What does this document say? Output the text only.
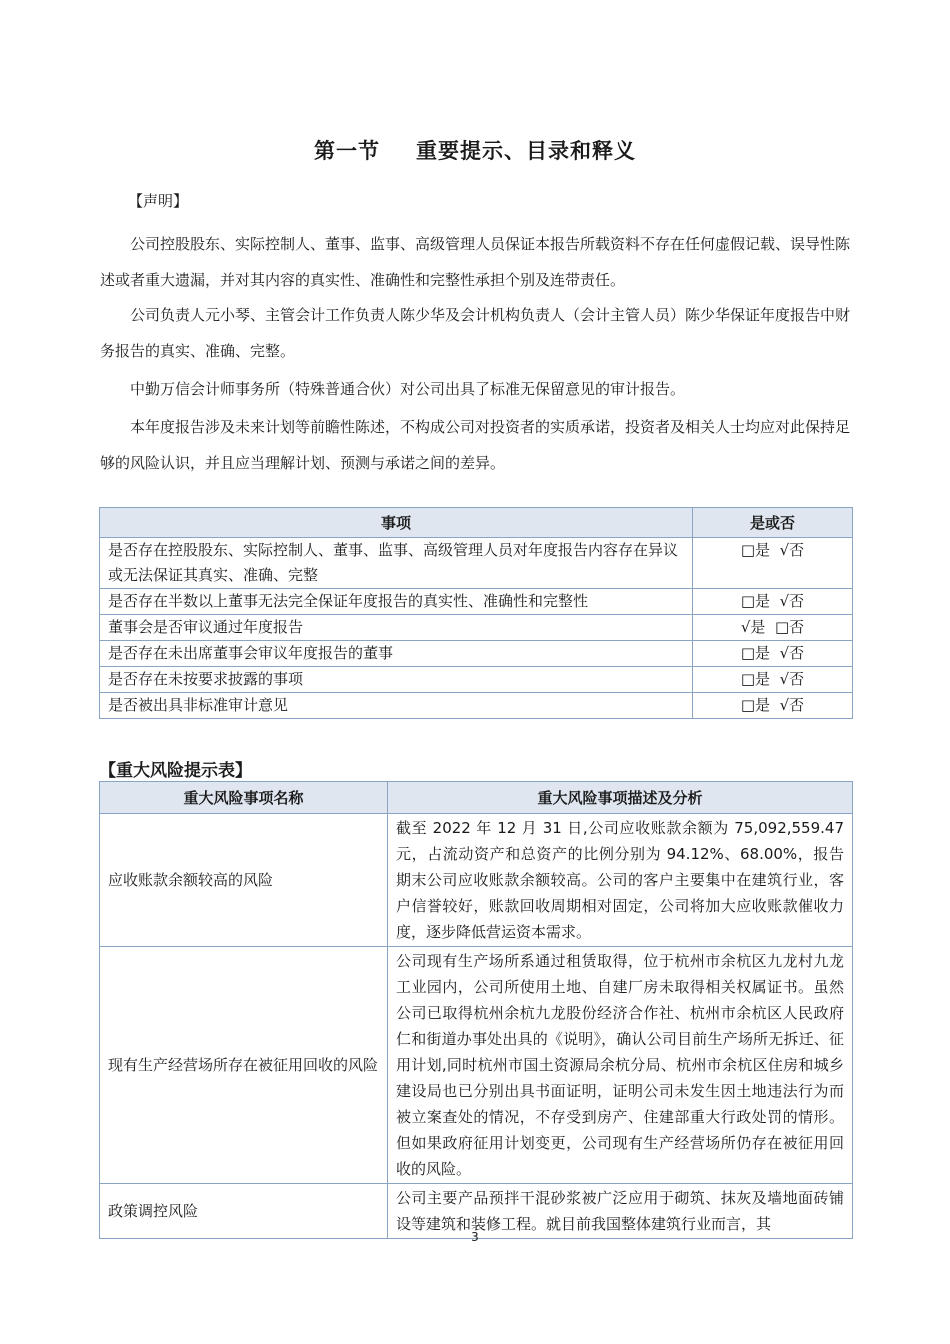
第一节 重要提示、目录和释义
【声明】
公司控股股东、实际控制人、董事、监事、高级管理人员保证本报告所载资料不存在任何虚假记载、误导性陈述或者重大遗漏，并对其内容的真实性、准确性和完整性承担个别及连带责任。
公司负责人元小琴、主管会计工作负责人陈少华及会计机构负责人（会计主管人员）陈少华保证年度报告中财务报告的真实、准确、完整。
中勤万信会计师事务所（特殊普通合伙）对公司出具了标准无保留意见的审计报告。
本年度报告涉及未来计划等前瞻性陈述，不构成公司对投资者的实质承诺，投资者及相关人士均应对此保持足够的风险认识，并且应当理解计划、预测与承诺之间的差异。
事项	是或否
是否存在控股股东、实际控制人、董事、监事、高级管理人员对年度报告内容存在异议或无法保证其真实、准确、完整	□是  √否
是否存在半数以上董事无法完全保证年度报告的真实性、准确性和完整性	□是  √否
董事会是否审议通过年度报告	√是  □否
是否存在未出席董事会审议年度报告的董事	□是  √否
是否存在未按要求披露的事项	□是  √否
是否被出具非标准审计意见	□是  √否
【重大风险提示表】
重大风险事项名称	重大风险事项描述及分析
应收账款余额较高的风险	截至 2022 年 12 月 31 日,公司应收账款余额为 75,092,559.47 元，占流动资产和总资产的比例分别为 94.12%、68.00%，报告期末公司应收账款余额较高。公司的客户主要集中在建筑行业，客户信誉较好，账款回收周期相对固定，公司将加大应收账款催收力度，逐步降低营运资本需求。
现有生产经营场所存在被征用回收的风险	公司现有生产场所系通过租赁取得，位于杭州市余杭区九龙村九龙工业园内，公司所使用土地、自建厂房未取得相关权属证书。虽然公司已取得杭州余杭九龙股份经济合作社、杭州市余杭区人民政府仁和街道办事处出具的《说明》，确认公司目前生产场所无拆迁、征用计划,同时杭州市国土资源局余杭分局、杭州市余杭区住房和城乡建设局也已分别出具书面证明，证明公司未发生因土地违法行为而被立案查处的情况，不存受到房产、住建部重大行政处罚的情形。但如果政府征用计划变更，公司现有生产经营场所仍存在被征用回收的风险。
政策调控风险	公司主要产品预拌干混砂浆被广泛应用于砌筑、抹灰及墙地面砖铺设等建筑和装修工程。就目前我国整体建筑行业而言，其
3
